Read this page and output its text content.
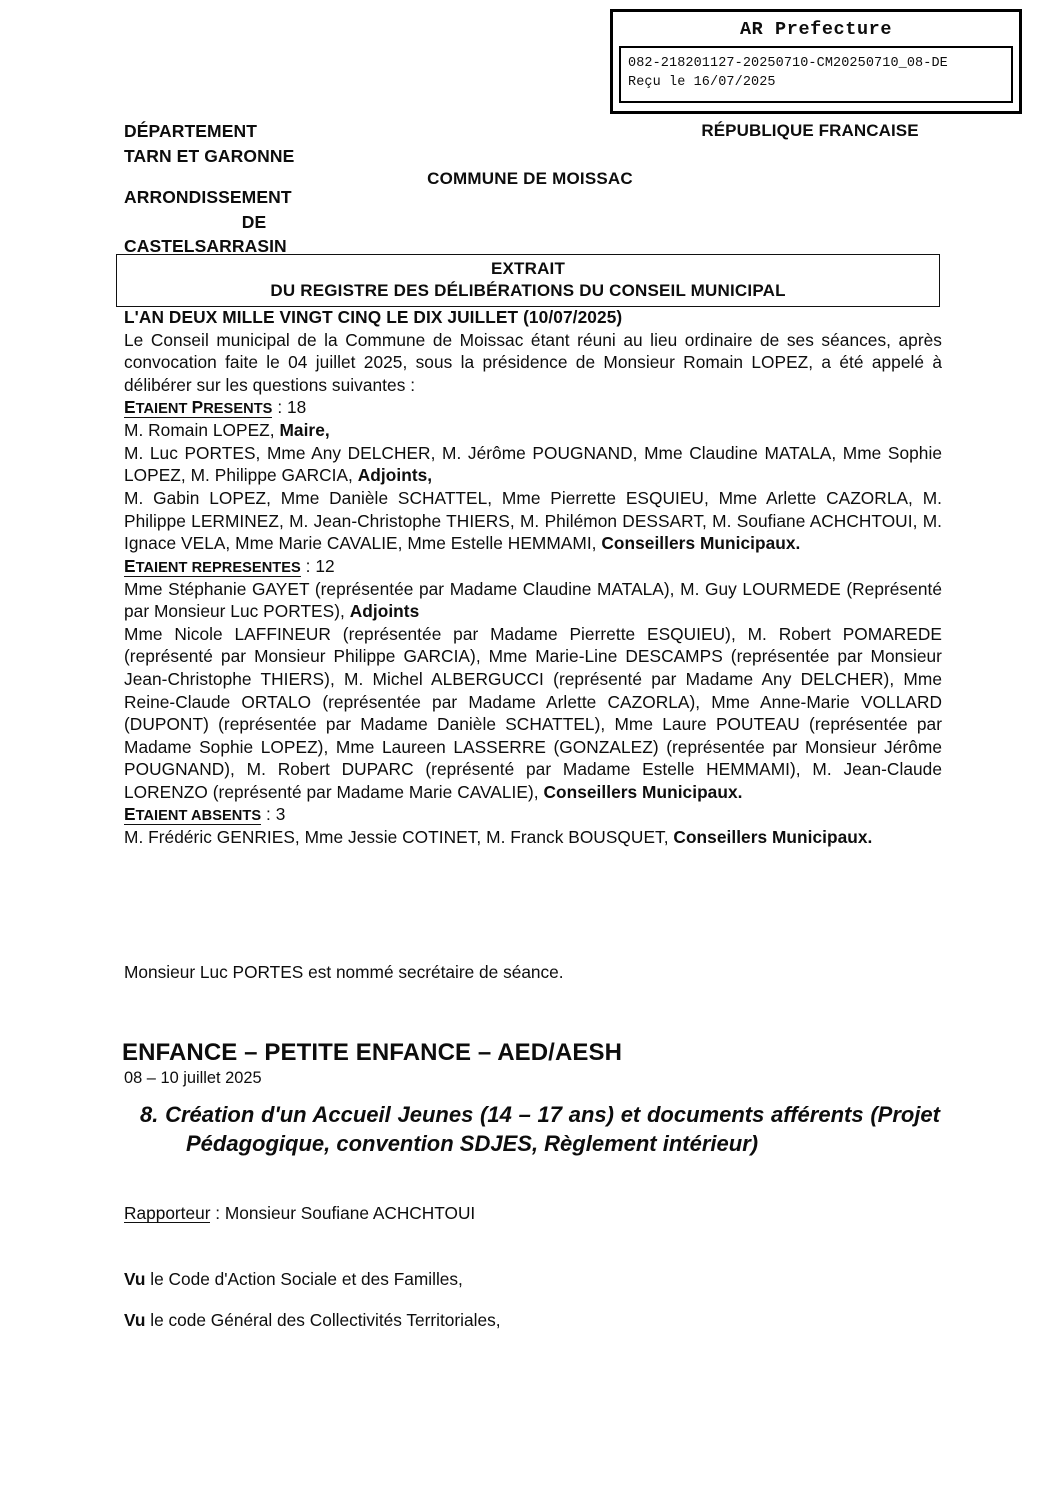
AR Prefecture
082-218201127-20250710-CM20250710_08-DE
Reçu le 16/07/2025
DÉPARTEMENT
TARN ET GARONNE
ARRONDISSEMENT
DE
CASTELSARRASIN
RÉPUBLIQUE FRANCAISE
COMMUNE DE MOISSAC
EXTRAIT
DU REGISTRE DES DÉLIBÉRATIONS DU CONSEIL MUNICIPAL

L'AN DEUX MILLE VINGT CINQ LE DIX JUILLET (10/07/2025)

Le Conseil municipal de la Commune de Moissac étant réuni au lieu ordinaire de ses séances, après convocation faite le 04 juillet 2025, sous la présidence de Monsieur Romain LOPEZ, a été appelé à délibérer sur les questions suivantes :

ETAIENT PRESENTS : 18

M. Romain LOPEZ, Maire,

M. Luc PORTES, Mme Any DELCHER, M. Jérôme POUGNAND, Mme Claudine MATALA, Mme Sophie LOPEZ, M. Philippe GARCIA, Adjoints,

M. Gabin LOPEZ, Mme Danièle SCHATTEL, Mme Pierrette ESQUIEU, Mme Arlette CAZORLA, M. Philippe LERMINEZ, M. Jean-Christophe THIERS, M. Philémon DESSART, M. Soufiane ACHCHTOUI, M. Ignace VELA, Mme Marie CAVALIE, Mme Estelle HEMMAMI, Conseillers Municipaux.

ETAIENT REPRESENTES : 12

Mme Stéphanie GAYET (représentée par Madame Claudine MATALA), M. Guy LOURMEDE (Représenté par Monsieur Luc PORTES), Adjoints

Mme Nicole LAFFINEUR (représentée par Madame Pierrette ESQUIEU), M. Robert POMAREDE (représenté par Monsieur Philippe GARCIA), Mme Marie-Line DESCAMPS (représentée par Monsieur Jean-Christophe THIERS), M. Michel ALBERGUCCI (représenté par Madame Any DELCHER), Mme Reine-Claude ORTALO (représentée par Madame Arlette CAZORLA), Mme Anne-Marie VOLLARD (DUPONT) (représentée par Madame Danièle SCHATTEL), Mme Laure POUTEAU (représentée par Madame Sophie LOPEZ), Mme Laureen LASSERRE (GONZALEZ) (représentée par Monsieur Jérôme POUGNAND), M. Robert DUPARC (représenté par Madame Estelle HEMMAMI), M. Jean-Claude LORENZO (représenté par Madame Marie CAVALIE), Conseillers Municipaux.

ETAIENT ABSENTS : 3

M. Frédéric GENRIES, Mme Jessie COTINET, M. Franck BOUSQUET, Conseillers Municipaux.

Monsieur Luc PORTES est nommé secrétaire de séance.
ENFANCE – PETITE ENFANCE – AED/AESH
08 – 10 juillet 2025
8. Création d'un Accueil Jeunes (14 – 17 ans) et documents afférents (Projet Pédagogique, convention SDJES, Règlement intérieur)
Rapporteur : Monsieur Soufiane ACHCHTOUI
Vu le Code d'Action Sociale et des Familles,
Vu le code Général des Collectivités Territoriales,
